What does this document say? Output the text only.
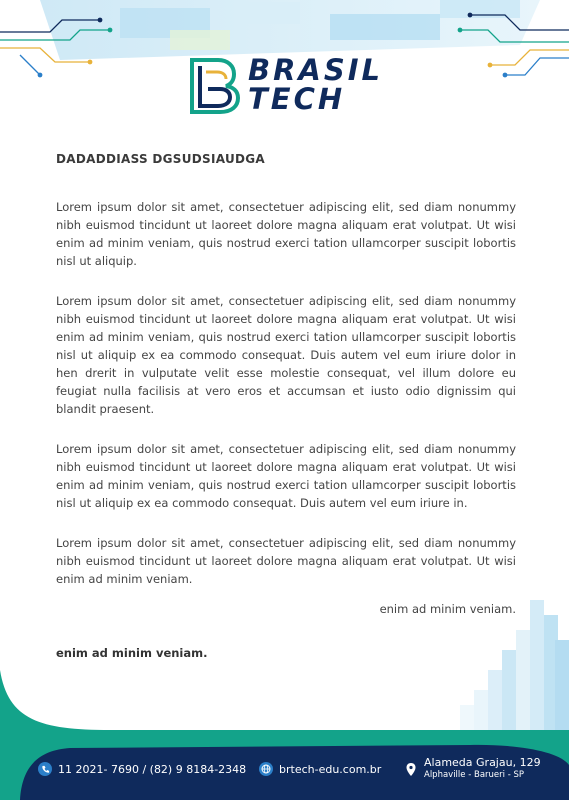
BRASIL
TECH
DADADDIASS DGSUDSIAUDGA

Lorem ipsum dolor sit amet, consectetuer adipiscing elit, sed diam nonummy nibh euismod tincidunt ut laoreet dolore magna aliquam erat volutpat. Ut wisi enim ad minim veniam, quis nostrud exerci tation ullamcorper suscipit lobortis nisl ut aliquip.

Lorem ipsum dolor sit amet, consectetuer adipiscing elit, sed diam nonummy nibh euismod tincidunt ut laoreet dolore magna aliquam erat volutpat. Ut wisi enim ad minim veniam, quis nostrud exerci tation ullamcorper suscipit lobortis nisl ut aliquip ex ea commodo consequat. Duis autem vel eum iriure dolor in hen drerit in vulputate velit esse molestie consequat, vel illum dolore eu feugiat nulla facilisis at vero eros et accumsan et iusto odio dignissim qui blandit praesent.

Lorem ipsum dolor sit amet, consectetuer adipiscing elit, sed diam nonummy nibh euismod tincidunt ut laoreet dolore magna aliquam erat volutpat. Ut wisi enim ad minim veniam, quis nostrud exerci tation ullamcorper suscipit lobortis nisl ut aliquip ex ea commodo consequat. Duis autem vel eum iriure in.

Lorem ipsum dolor sit amet, consectetuer adipiscing elit, sed diam nonummy nibh euismod tincidunt ut laoreet dolore magna aliquam erat volutpat. Ut wisi enim ad minim veniam.

enim ad minim veniam.

enim ad minim veniam.

11 2021- 7690 / (82) 9 8184-2348	brtech-edu.com.br	Alameda Grajau, 129
Alphaville - Barueri - SP
